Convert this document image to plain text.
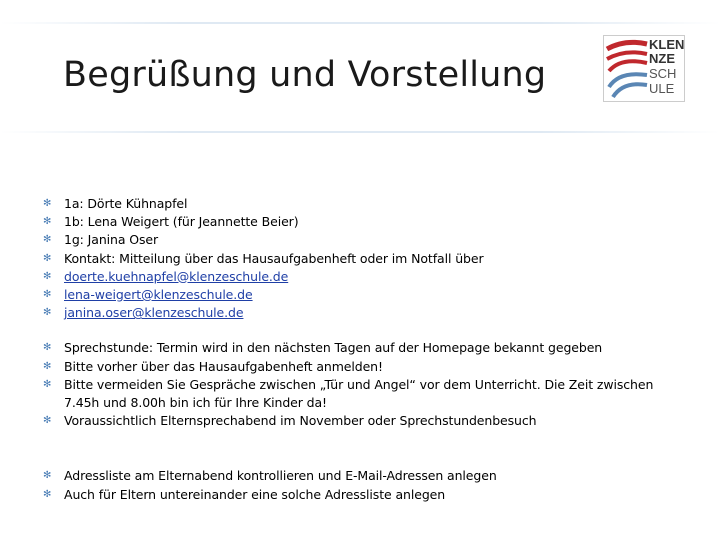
Begrüßung und Vorstellung
KLEN
NZE
SCH
ULE
✻ 1a: Dörte Kühnapfel
✻ 1b: Lena Weigert (für Jeannette Beier)
✻ 1g: Janina Oser
✻ Kontakt: Mitteilung über das Hausaufgabenheft oder im Notfall über
✻ doerte.kuehnapfel@klenzeschule.de
✻ lena-weigert@klenzeschule.de
✻ janina.oser@klenzeschule.de
✻ Sprechstunde: Termin wird in den nächsten Tagen auf der Homepage bekannt gegeben
✻ Bitte vorher über das Hausaufgabenheft anmelden!
✻ Bitte vermeiden Sie Gespräche zwischen „Tür und Angel“ vor dem Unterricht. Die Zeit zwischen 7.45h und 8.00h bin ich für Ihre Kinder da!
✻ Voraussichtlich Elternsprechabend im November oder Sprechstundenbesuch
✻ Adressliste am Elternabend kontrollieren und E-Mail-Adressen anlegen
✻ Auch für Eltern untereinander eine solche Adressliste anlegen
